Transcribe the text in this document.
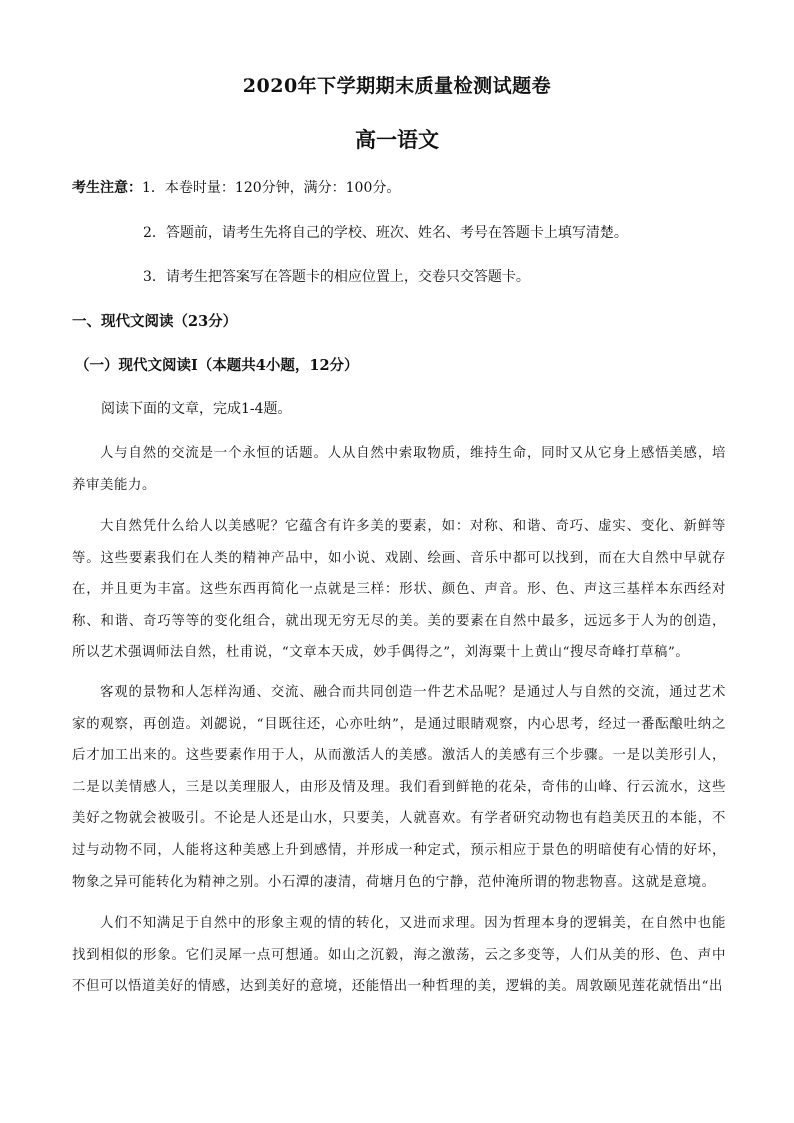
2020年下学期期末质量检测试题卷
高一语文
考生注意：1．本卷时量：120分钟，满分：100分。
2．答题前，请考生先将自己的学校、班次、姓名、考号在答题卡上填写清楚。
3．请考生把答案写在答题卡的相应位置上，交卷只交答题卡。
一、现代文阅读（23分）
（一）现代文阅读Ⅰ（本题共4小题，12分）
阅读下面的文章，完成1-4题。
人与自然的交流是一个永恒的话题。人从自然中索取物质，维持生命，同时又从它身上感悟美感，培养审美能力。
大自然凭什么给人以美感呢？它蕴含有许多美的要素，如：对称、和谐、奇巧、虚实、变化、新鲜等等。这些要素我们在人类的精神产品中，如小说、戏剧、绘画、音乐中都可以找到，而在大自然中早就存在，并且更为丰富。这些东西再简化一点就是三样：形状、颜色、声音。形、色、声这三基样本东西经对称、和谐、奇巧等等的变化组合，就出现无穷无尽的美。美的要素在自然中最多，远远多于人为的创造，所以艺术强调师法自然，杜甫说，“文章本天成，妙手偶得之”，刘海粟十上黄山“搜尽奇峰打草稿”。
客观的景物和人怎样沟通、交流、融合而共同创造一件艺术品呢？是通过人与自然的交流，通过艺术家的观察，再创造。刘勰说，“目既往还，心亦吐纳”，是通过眼睛观察，内心思考，经过一番酝酿吐纳之后才加工出来的。这些要素作用于人，从而激活人的美感。激活人的美感有三个步骤。一是以美形引人，二是以美情感人，三是以美理服人，由形及情及理。我们看到鲜艳的花朵，奇伟的山峰、行云流水，这些美好之物就会被吸引。不论是人还是山水，只要美，人就喜欢。有学者研究动物也有趋美厌丑的本能，不过与动物不同，人能将这种美感上升到感情，并形成一种定式，预示相应于景色的明暗使有心情的好坏，物象之异可能转化为精神之别。小石潭的凄清，荷塘月色的宁静，范仲淹所谓的物悲物喜。这就是意境。
人们不知满足于自然中的形象主观的情的转化，又进而求理。因为哲理本身的逻辑美，在自然中也能找到相似的形象。它们灵犀一点可想通。如山之沉毅，海之激荡，云之多变等，人们从美的形、色、声中不但可以悟道美好的情感，达到美好的意境，还能悟出一种哲理的美，逻辑的美。周敦颐见莲花就悟出“出
